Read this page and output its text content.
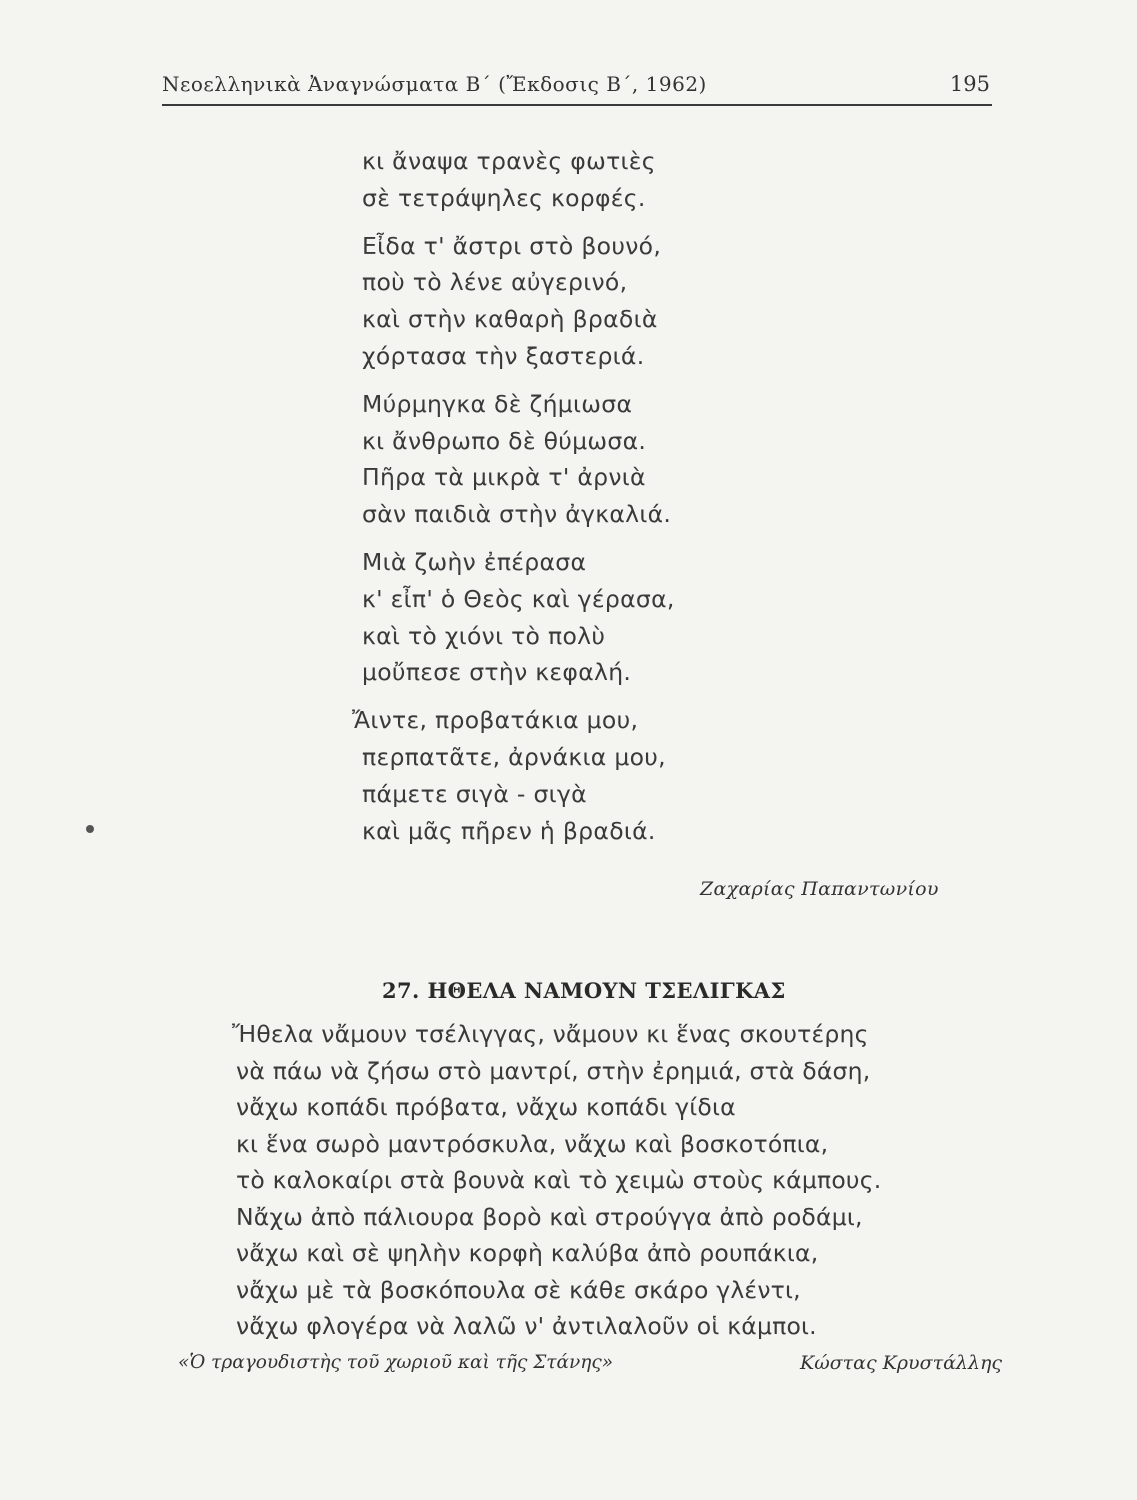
Νεοελληνικὰ Ἀναγνώσματα Β΄ (Ἔκδοσις Β΄, 1962)	195
κι ἄναψα τρανὲς φωτιὲς
σὲ τετράψηλες κορφές.
Εἶδα τ' ἄστρι στὸ βουνό,
ποὺ τὸ λένε αὐγερινό,
καὶ στὴν καθαρὴ βραδιὰ
χόρτασα τὴν ξαστεριά.
Μύρμηγκα δὲ ζήμιωσα
κι ἄνθρωπο δὲ θύμωσα.
Πῆρα τὰ μικρὰ τ' ἀρνιὰ
σὰν παιδιὰ στὴν ἀγκαλιά.
Μιὰ ζωὴν ἐπέρασα
κ' εἶπ' ὁ Θεὸς καὶ γέρασα,
καὶ τὸ χιόνι τὸ πολὺ
μοὔπεσε στὴν κεφαλή.
Ἄιντε, προβατάκια μου,
περπατᾶτε, ἀρνάκια μου,
πάμετε σιγὰ - σιγὰ
καὶ μᾶς πῆρεν ἡ βραδιά.
Ζαχαρίας Παπαντωνίου
27. ΗΘΕΛΑ ΝΑΜΟΥΝ ΤΣΕΛΙΓΚΑΣ
Ἤθελα νἄμουν τσέλιγγας, νἄμουν κι ἕνας σκουτέρης
νὰ πάω νὰ ζήσω στὸ μαντρί, στὴν ἐρημιά, στὰ δάση,
νἄχω κοπάδι πρόβατα, νἄχω κοπάδι γίδια
κι ἕνα σωρὸ μαντρόσκυλα, νἄχω καὶ βοσκοτόπια,
τὸ καλοκαίρι στὰ βουνὰ καὶ τὸ χειμὼ στοὺς κάμπους.
Νἄχω ἀπὸ πάλιουρα βορὸ καὶ στρούγγα ἀπὸ ροδάμι,
νἄχω καὶ σὲ ψηλὴν κορφὴ καλύβα ἀπὸ ρουπάκια,
νἄχω μὲ τὰ βοσκόπουλα σὲ κάθε σκάρο γλέντι,
νἄχω φλογέρα νὰ λαλῶ ν' ἀντιλαλοῦν οἱ κάμποι.
«Ὁ τραγουδιστὴς τοῦ χωριοῦ καὶ τῆς Στάνης»	Κώστας Κρυστάλλης
